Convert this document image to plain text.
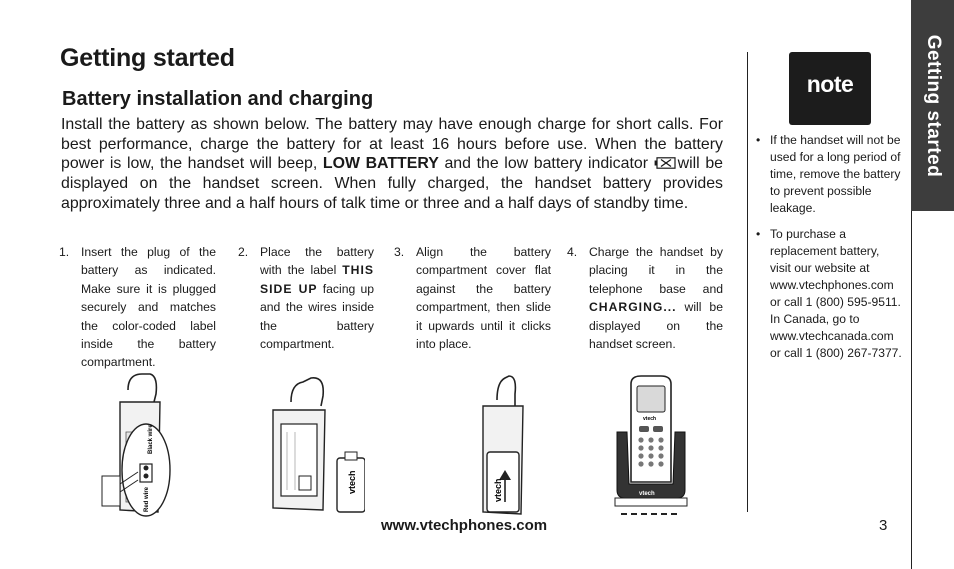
Getting started
Battery installation and charging

Install the battery as shown below. The battery may have enough charge for short calls. For best performance, charge the battery for at least 16 hours before use. When the battery power is low, the handset will beep, LOW BATTERY and the low battery indicator will be displayed on the handset screen. When fully charged, the handset battery provides approximately three and a half hours of talk time or three and a half days of standby time.

1. Insert the plug of the battery as indicated. Make sure it is plugged securely and matches the color-coded label inside the battery compartment.
2. Place the battery with the label THIS SIDE UP facing up and the wires inside the battery compartment.
3. Align the battery compartment cover flat against the battery compartment, then slide it upwards until it clicks into place.
4. Charge the handset by placing it in the telephone base and CHARGING... will be displayed on the handset screen.
Black wire
Red wire
vtech	vtech
vtech
vtech
note
• If the handset will not be used for a long period of time, remove the battery to prevent possible leakage.
• To purchase a replacement battery, visit our website at www.vtechphones.com or call 1 (800) 595-9511. In Canada, go to www.vtechcanada.com or call 1 (800) 267-7377.
Getting started
www.vtechphones.com	3
